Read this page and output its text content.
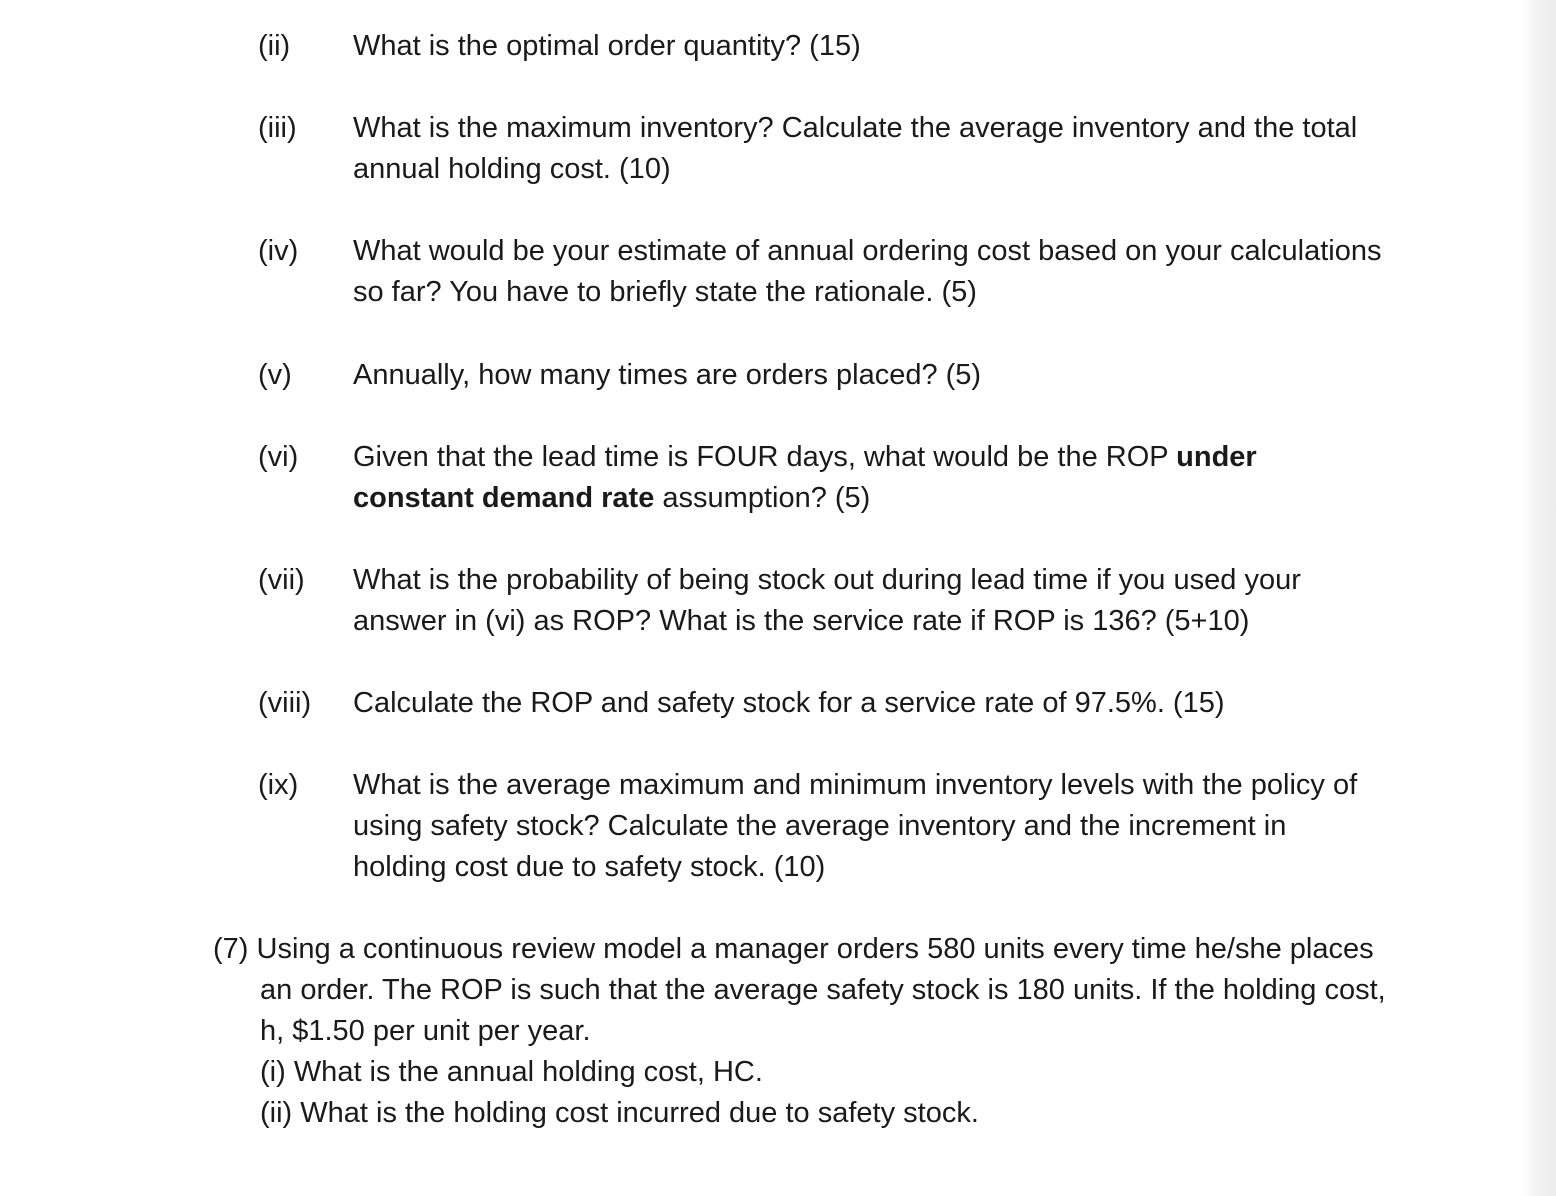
(ii)	What is the optimal order quantity? (15)
(iii)	What is the maximum inventory? Calculate the average inventory and the total annual holding cost. (10)
(iv)	What would be your estimate of annual ordering cost based on your calculations so far? You have to briefly state the rationale. (5)
(v)	Annually, how many times are orders placed? (5)
(vi)	Given that the lead time is FOUR days, what would be the ROP under constant demand rate assumption? (5)
(vii)	What is the probability of being stock out during lead time if you used your answer in (vi) as ROP? What is the service rate if ROP is 136? (5+10)
(viii)	Calculate the ROP and safety stock for a service rate of 97.5%. (15)
(ix)	What is the average maximum and minimum inventory levels with the policy of using safety stock? Calculate the average inventory and the increment in holding cost due to safety stock. (10)
(7) Using a continuous review model a manager orders 580 units every time he/she places an order. The ROP is such that the average safety stock is 180 units. If the holding cost, h, $1.50 per unit per year.
(i) What is the annual holding cost, HC.
(ii) What is the holding cost incurred due to safety stock.
